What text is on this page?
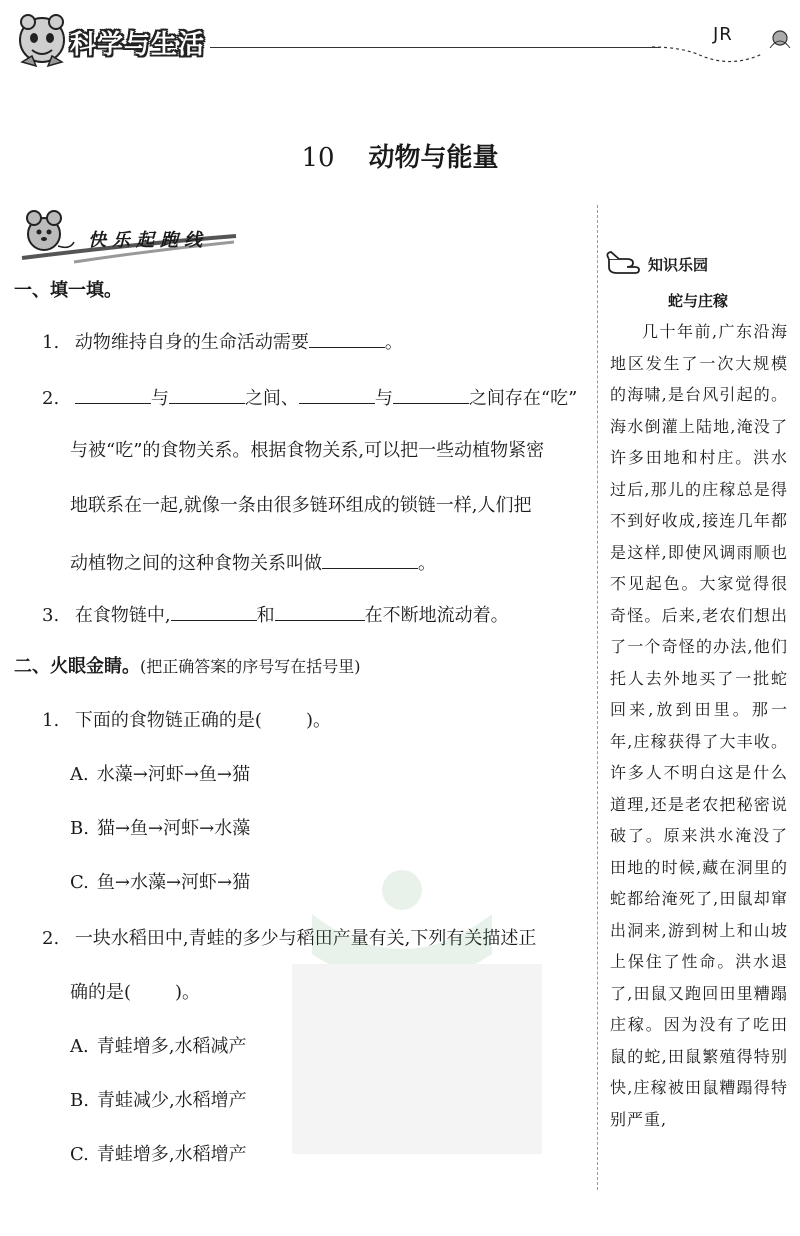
科学与生活	JR
10 动物与能量
快乐起跑线
一、填一填。
1. 动物维持自身的生命活动需要	。
2.	与	之间、	与	之间存在“吃”
与被“吃”的食物关系。根据食物关系,可以把一些动植物紧密
地联系在一起,就像一条由很多链环组成的锁链一样,人们把
动植物之间的这种食物关系叫做	。
3. 在食物链中,	和	在不断地流动着。
二、火眼金睛。(把正确答案的序号写在括号里)
1. 下面的食物链正确的是( )。
A. 水藻→河虾→鱼→猫
B. 猫→鱼→河虾→水藻
C. 鱼→水藻→河虾→猫
2. 一块水稻田中,青蛙的多少与稻田产量有关,下列有关描述正
确的是( )。
A. 青蛙增多,水稻减产
B. 青蛙减少,水稻增产
C. 青蛙增多,水稻增产
知识乐园
蛇与庄稼
几十年前,广东沿海地区发生了一次大规模的海啸,是台风引起的。海水倒灌上陆地,淹没了许多田地和村庄。洪水过后,那儿的庄稼总是得不到好收成,接连几年都是这样,即使风调雨顺也不见起色。大家觉得很奇怪。后来,老农们想出了一个奇怪的办法,他们托人去外地买了一批蛇回来,放到田里。那一年,庄稼获得了大丰收。许多人不明白这是什么道理,还是老农把秘密说破了。原来洪水淹没了田地的时候,藏在洞里的蛇都给淹死了,田鼠却窜出洞来,游到树上和山坡上保住了性命。洪水退了,田鼠又跑回田里糟蹋庄稼。因为没有了吃田鼠的蛇,田鼠繁殖得特别快,庄稼被田鼠糟蹋得特别严重,
